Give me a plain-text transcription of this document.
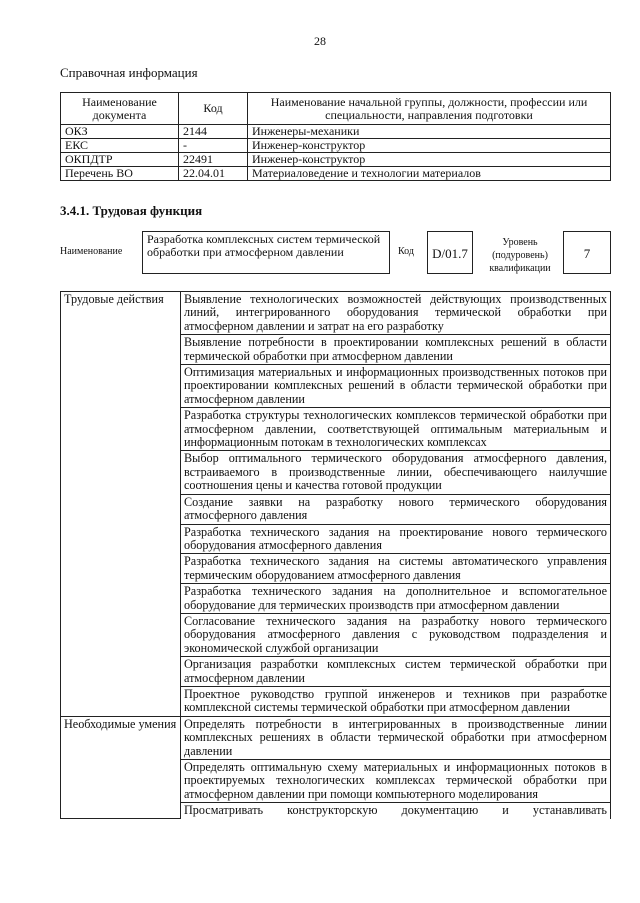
28
Справочная информация
Наименование документа	Код	Наименование начальной группы, должности, профессии или специальности, направления подготовки
ОКЗ	2144	Инженеры-механики
ЕКС	-	Инженер-конструктор
ОКПДТР	22491	Инженер-конструктор
Перечень ВО	22.04.01	Материаловедение и технологии материалов
3.4.1. Трудовая функция
Наименование
Разработка комплексных систем термической обработки при атмосферном давлении	Код	D/01.7
Уровень (подуровень) квалификации
7
Трудовые действия	Выявление технологических возможностей действующих производственных линий, интегрированного оборудования термической обработки при атмосферном давлении и затрат на его разработку
	Выявление потребности в проектировании комплексных решений в области термической обработки при атмосферном давлении
	Оптимизация материальных и информационных производственных потоков при проектировании комплексных решений в области термической обработки при атмосферном давлении
	Разработка структуры технологических комплексов термической обработки при атмосферном давлении, соответствующей оптимальным материальным и информационным потокам в технологических комплексах
	Выбор оптимального термического оборудования атмосферного давления, встраиваемого в производственные линии, обеспечивающего наилучшие соотношения цены и качества готовой продукции
	Создание заявки на разработку нового термического оборудования атмосферного давления
	Разработка технического задания на проектирование нового термического оборудования атмосферного давления
	Разработка технического задания на системы автоматического управления термическим оборудованием атмосферного давления
	Разработка технического задания на дополнительное и вспомогательное оборудование для термических производств при атмосферном давлении
	Согласование технического задания на разработку нового термического оборудования атмосферного давления с руководством подразделения и экономической службой организации
	Организация разработки комплексных систем термической обработки при атмосферном давлении
	Проектное руководство группой инженеров и техников при разработке комплексной системы термической обработки при атмосферном давлении
Необходимые умения	Определять потребности в интегрированных в производственные линии комплексных решениях в области термической обработки при атмосферном давлении
	Определять оптимальную схему материальных и информационных потоков в проектируемых технологических комплексах термической обработки при атмосферном давлении при помощи компьютерного моделирования
	Просматривать конструкторскую документацию и устанавливать
